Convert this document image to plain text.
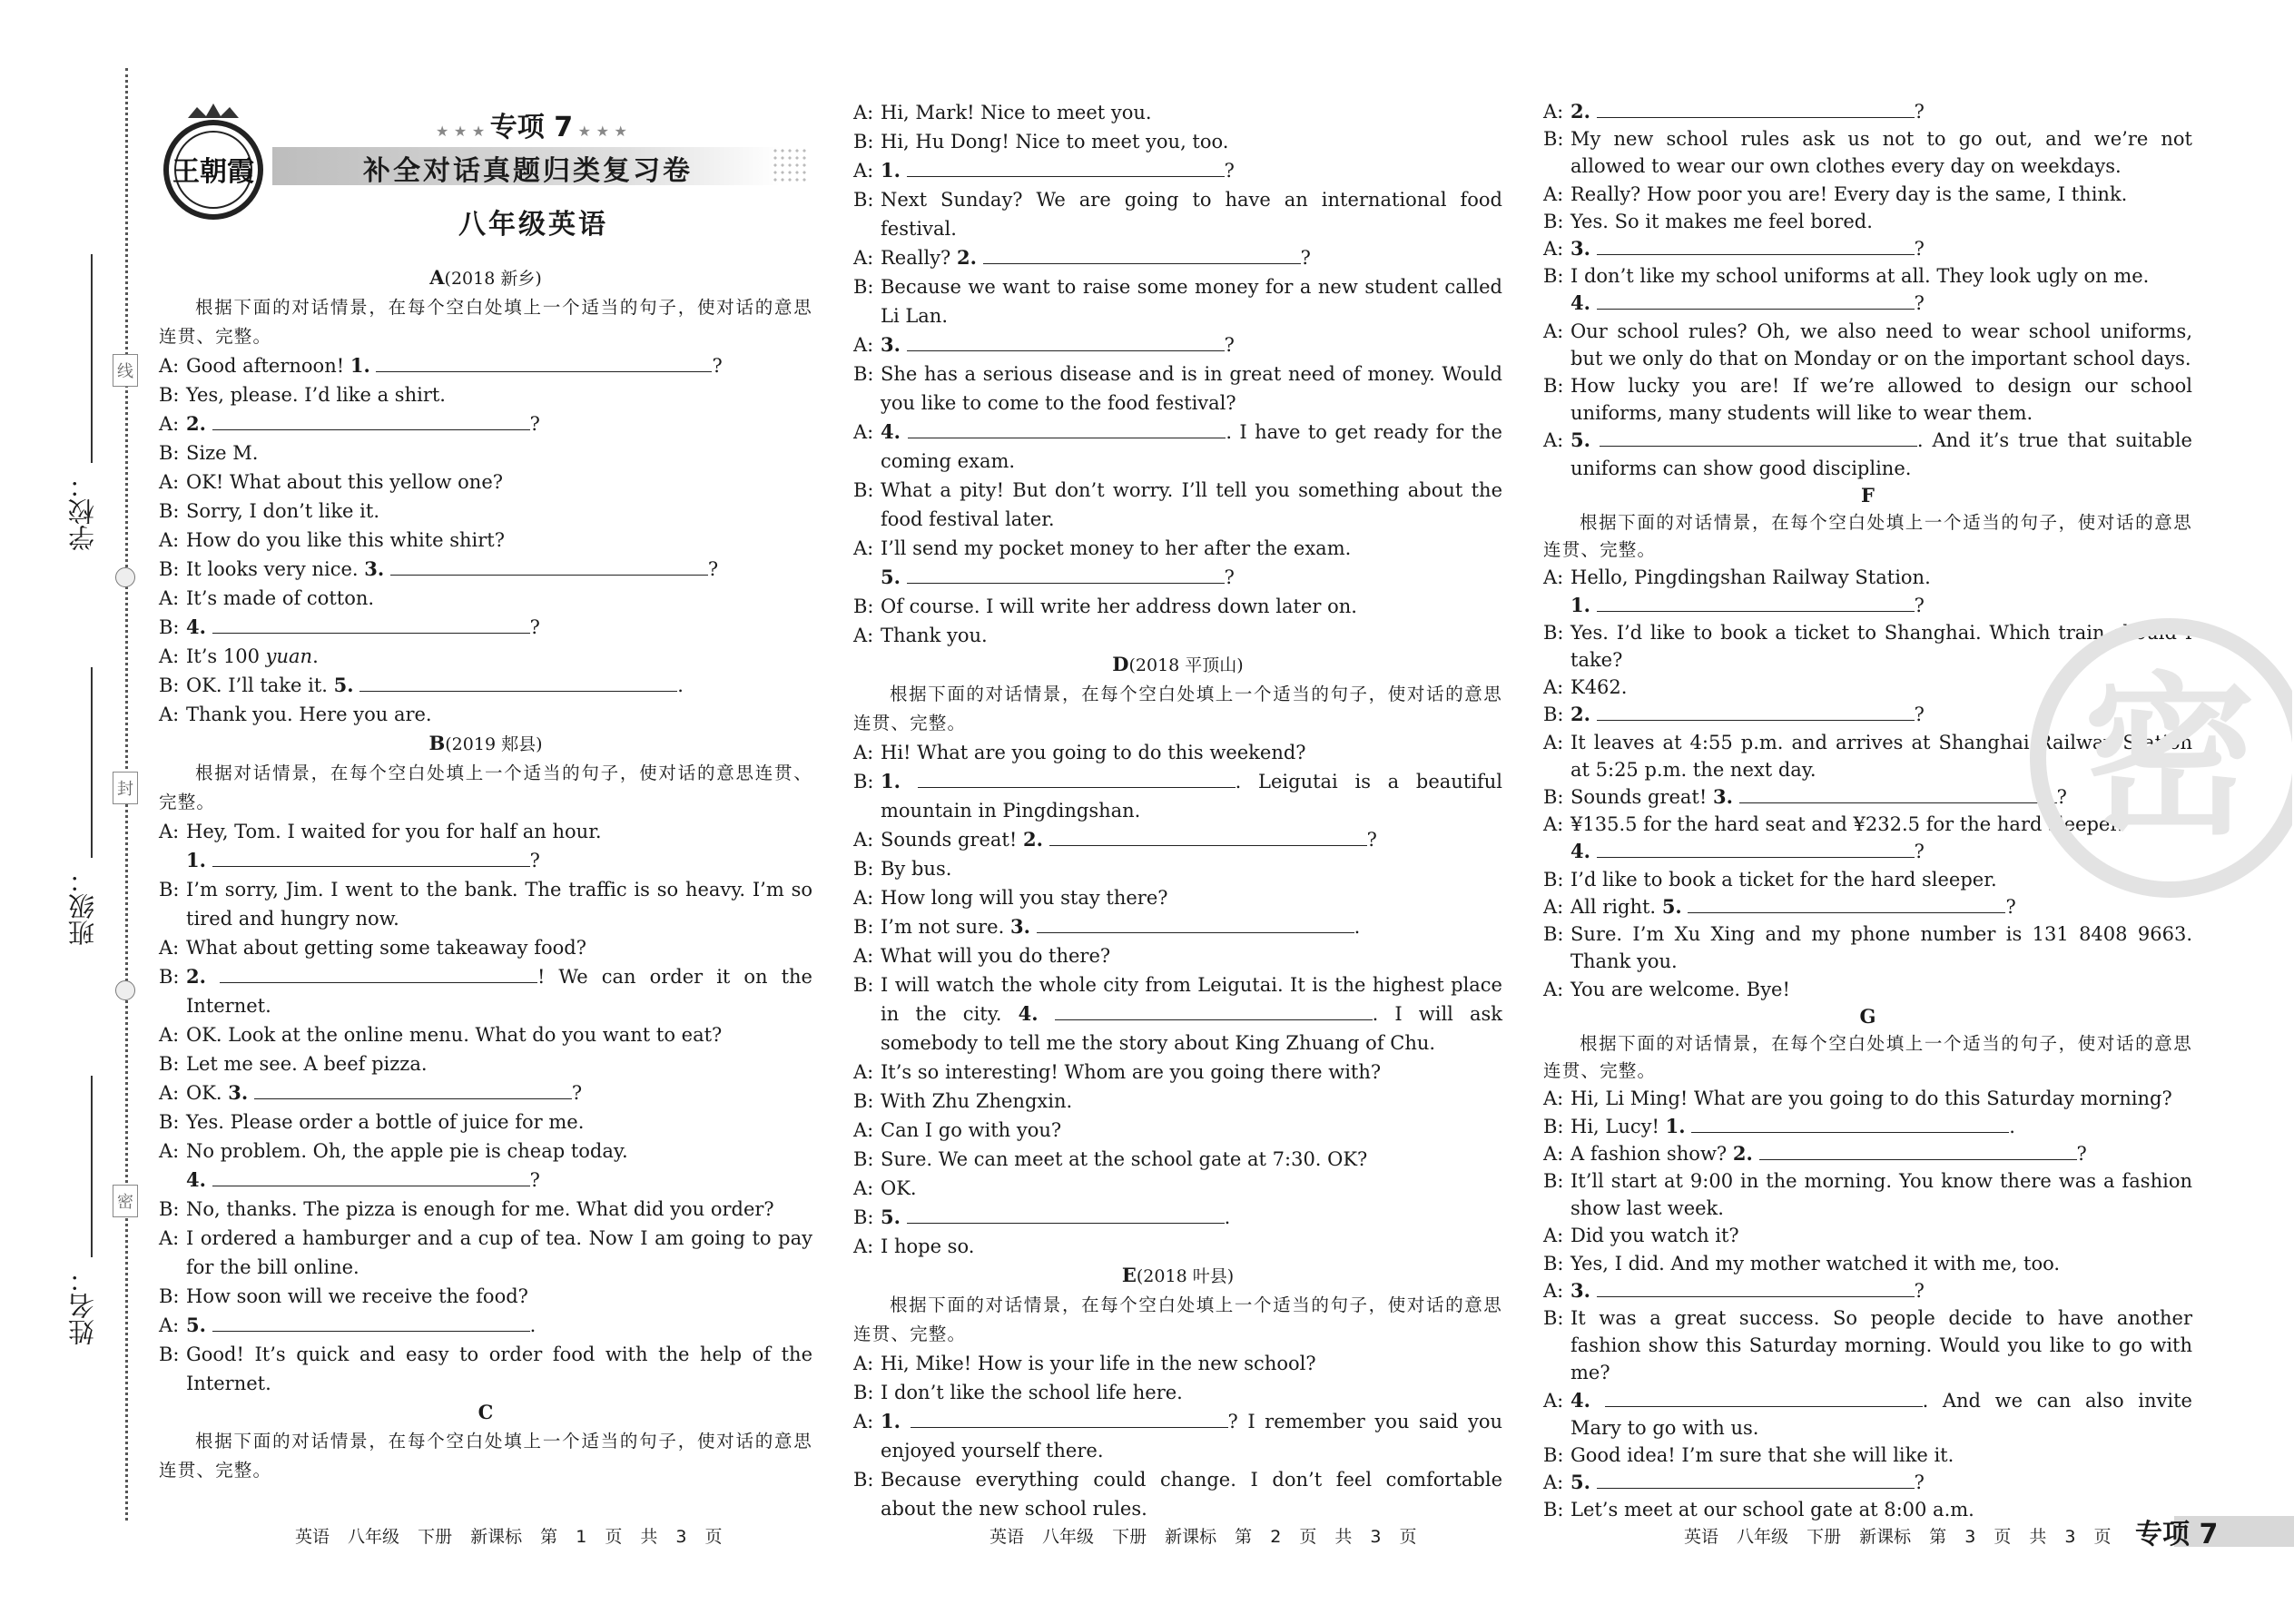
学校：
班级：
姓名：
线
封
密
王朝霞
★ ★ ★ 专项 7 ★ ★ ★
补全对话真题归类复习卷
八年级英语
A(2018 新乡)
根据下面的对话情景，在每个空白处填上一个适当的句子，使对话的意思连贯、完整。
A: Good afternoon! 1.	?
B: Yes, please. I’d like a shirt.
A: 2.	?
B: Size M.
A: OK! What about this yellow one?
B: Sorry, I don’t like it.
A: How do you like this white shirt?
B: It looks very nice. 3.	?
A: It’s made of cotton.
B: 4.	?
A: It’s 100 yuan.
B: OK. I’ll take it. 5.	.
A: Thank you. Here you are.
B(2019 郏县)
根据对话情景，在每个空白处填上一个适当的句子，使对话的意思连贯、完整。
A: Hey, Tom. I waited for you for half an hour.
1.	?
B: I’m sorry, Jim. I went to the bank. The traffic is so heavy. I’m so tired and hungry now.
A: What about getting some takeaway food?
B: 2.	! We can order it on the Internet.
A: OK. Look at the online menu. What do you want to eat?
B: Let me see. A beef pizza.
A: OK. 3.	?
B: Yes. Please order a bottle of juice for me.
A: No problem. Oh, the apple pie is cheap today.
4.	?
B: No, thanks. The pizza is enough for me. What did you order?
A: I ordered a hamburger and a cup of tea. Now I am going to pay for the bill online.
B: How soon will we receive the food?
A: 5.	.
B: Good! It’s quick and easy to order food with the help of the Internet.
C
根据下面的对话情景，在每个空白处填上一个适当的句子，使对话的意思连贯、完整。
A: Hi, Mark! Nice to meet you.
B: Hi, Hu Dong! Nice to meet you, too.
A: 1.	?
B: Next Sunday? We are going to have an international food festival.
A: Really? 2.	?
B: Because we want to raise some money for a new student called Li Lan.
A: 3.	?
B: She has a serious disease and is in great need of money. Would you like to come to the food festival?
A: 4.	. I have to get ready for the coming exam.
B: What a pity! But don’t worry. I’ll tell you something about the food festival later.
A: I’ll send my pocket money to her after the exam.
5.	?
B: Of course. I will write her address down later on.
A: Thank you.
D(2018 平顶山)
根据下面的对话情景，在每个空白处填上一个适当的句子，使对话的意思连贯、完整。
A: Hi! What are you going to do this weekend?
B: 1.	. Leigutai is a beautiful mountain in Pingdingshan.
A: Sounds great! 2.	?
B: By bus.
A: How long will you stay there?
B: I’m not sure. 3.	.
A: What will you do there?
B: I will watch the whole city from Leigutai. It is the highest place in the city. 4.	. I will ask somebody to tell me the story about King Zhuang of Chu.
A: It’s so interesting! Whom are you going there with?
B: With Zhu Zhengxin.
A: Can I go with you?
B: Sure. We can meet at the school gate at 7:30. OK?
A: OK.
B: 5.	.
A: I hope so.
E(2018 叶县)
根据下面的对话情景，在每个空白处填上一个适当的句子，使对话的意思连贯、完整。
A: Hi, Mike! How is your life in the new school?
B: I don’t like the school life here.
A: 1.	? I remember you said you enjoyed yourself there.
B: Because everything could change. I don’t feel comfortable about the new school rules.
A: 2.	?
B: My new school rules ask us not to go out, and we’re not allowed to wear our own clothes every day on weekdays.
A: Really? How poor you are! Every day is the same, I think.
B: Yes. So it makes me feel bored.
A: 3.	?
B: I don’t like my school uniforms at all. They look ugly on me.
4.	?
A: Our school rules? Oh, we also need to wear school uniforms, but we only do that on Monday or on the important school days.
B: How lucky you are! If we’re allowed to design our school uniforms, many students will like to wear them.
A: 5.	. And it’s true that suitable uniforms can show good discipline.
F
根据下面的对话情景，在每个空白处填上一个适当的句子，使对话的意思连贯、完整。
A: Hello, Pingdingshan Railway Station.
1.	?
B: Yes. I’d like to book a ticket to Shanghai. Which train should I take?
A: K462.
B: 2.	?
A: It leaves at 4:55 p.m. and arrives at Shanghai Railway Station at 5:25 p.m. the next day.
B: Sounds great! 3.	?
A: ¥135.5 for the hard seat and ¥232.5 for the hard sleeper.
4.	?
B: I’d like to book a ticket for the hard sleeper.
A: All right. 5.	?
B: Sure. I’m Xu Xing and my phone number is 131 8408 9663. Thank you.
A: You are welcome. Bye!
G
根据下面的对话情景，在每个空白处填上一个适当的句子，使对话的意思连贯、完整。
A: Hi, Li Ming! What are you going to do this Saturday morning?
B: Hi, Lucy! 1.	.
A: A fashion show? 2.	?
B: It’ll start at 9:00 in the morning. You know there was a fashion show last week.
A: Did you watch it?
B: Yes, I did. And my mother watched it with me, too.
A: 3.	?
B: It was a great success. So people decide to have another fashion show this Saturday morning. Would you like to go with me?
A: 4.	. And we can also invite Mary to go with us.
B: Good idea! I’m sure that she will like it.
A: 5.	?
B: Let’s meet at our school gate at 8:00 a.m.
密
英语 八年级 下册 新课标 第 1 页 共 3 页	英语 八年级 下册 新课标 第 2 页 共 3 页	英语 八年级 下册 新课标 第 3 页 共 3 页 专项 7
